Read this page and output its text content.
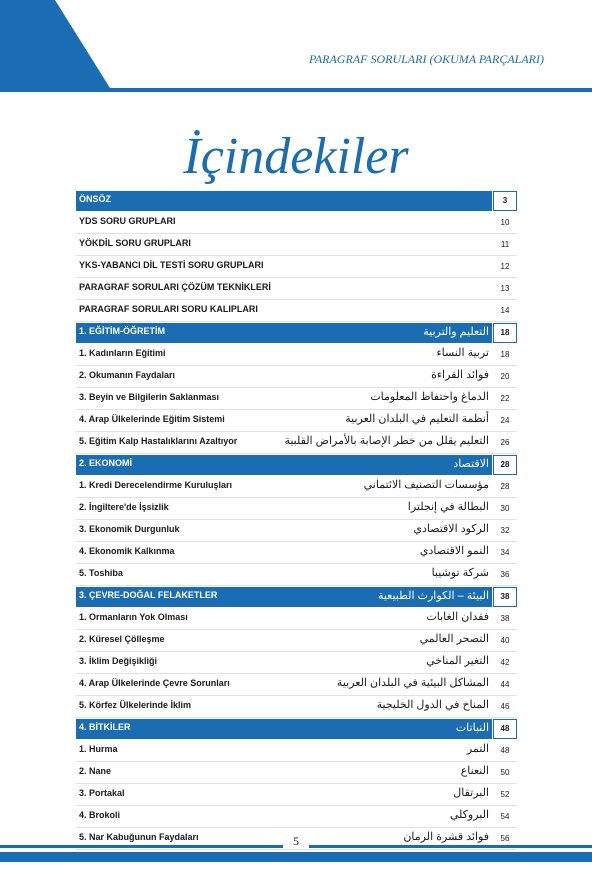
PARAGRAF SORULARI (OKUMA PARÇALARI)
İçindekiler
ÖNSÖZ	3
YDS SORU GRUPLARI	10
YÖKDİL SORU GRUPLARI	11
YKS-YABANCI DİL TESTİ SORU GRUPLARI	12
PARAGRAF SORULARI ÇÖZÜM TEKNİKLERİ	13
PARAGRAF SORULARI SORU KALIPLARI	14
1. EĞİTİM-ÖĞRETİM	التعليم والتربية	18
1. Kadınların Eğitimi	تربية النساء	18
2. Okumanın Faydaları	فوائد القراءة	20
3. Beyin ve Bilgilerin Saklanması	الدماغ واحتفاظ المعلومات	22
4. Arap Ülkelerinde Eğitim Sistemi	أنظمة التعليم في البلدان العربية	24
5. Eğitim Kalp Hastalıklarını Azaltıyor	التعليم يقلل من خطر الإصابة بالأمراض القلبية	26
2. EKONOMİ	الاقتصاد	28
1. Kredi Derecelendirme Kuruluşları	مؤسسات التصنيف الائتماني	28
2. İngiltere'de İşsizlik	البطالة في إنجلترا	30
3. Ekonomik Durgunluk	الركود الاقتصادي	32
4. Ekonomik Kalkınma	النمو الاقتصادي	34
5. Toshiba	شركة توشيبا	36
3. ÇEVRE-DOĞAL FELAKETLER	البيئة – الكوارث الطبيعية	38
1. Ormanların Yok Olması	فقدان الغابات	38
2. Küresel Çölleşme	التصحر العالمي	40
3. İklim Değişikliği	التغير المناخي	42
4. Arap Ülkelerinde Çevre Sorunları	المشاكل البيئية في البلدان العربية	44
5. Körfez Ülkelerinde İklim	المناخ في الدول الخليجية	46
4. BİTKİLER	النباتات	48
1. Hurma	التمر	48
2. Nane	النعناع	50
3. Portakal	البرتقال	52
4. Brokoli	البروكلي	54
5. Nar Kabuğunun Faydaları	فوائد قشرة الرمان	56
5
